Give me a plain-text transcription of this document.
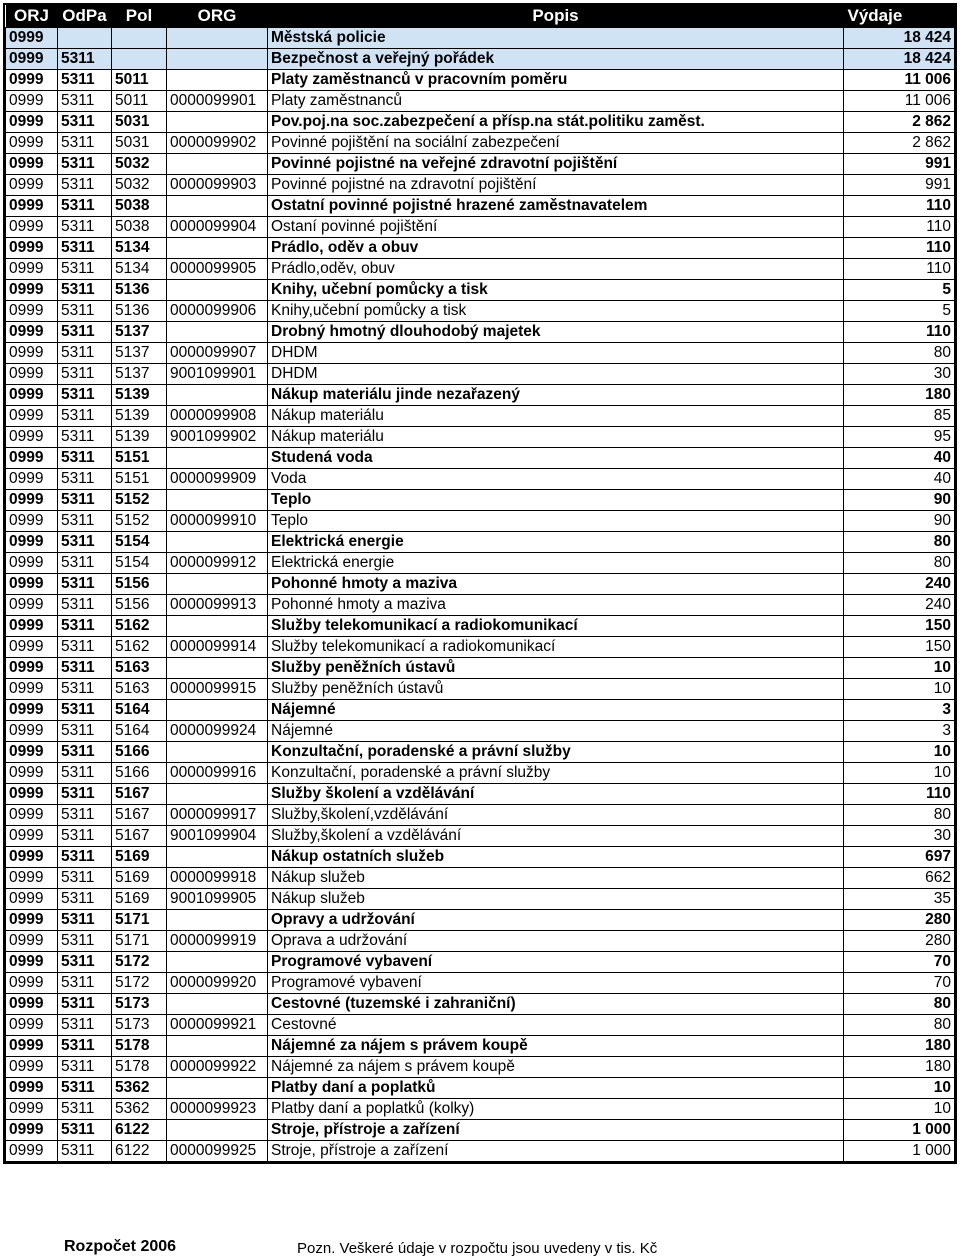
ORJ	OdPa	Pol	ORG	Popis	Výdaje
0999				Městská policie	18 424
0999	5311			Bezpečnost a veřejný pořádek	18 424
0999	5311	5011		Platy zaměstnanců v pracovním poměru	11 006
0999	5311	5011	0000099901	Platy zaměstnanců	11 006
0999	5311	5031		Pov.poj.na soc.zabezpečení a přísp.na stát.politiku zaměst.	2 862
0999	5311	5031	0000099902	Povinné pojištění na sociální zabezpečení	2 862
0999	5311	5032		Povinné pojistné na veřejné zdravotní pojištění	991
0999	5311	5032	0000099903	Povinné pojistné na zdravotní pojištění	991
0999	5311	5038		Ostatní povinné pojistné hrazené zaměstnavatelem	110
0999	5311	5038	0000099904	Ostaní povinné pojištění	110
0999	5311	5134		Prádlo, oděv a obuv	110
0999	5311	5134	0000099905	Prádlo,oděv, obuv	110
0999	5311	5136		Knihy, učební pomůcky a tisk	5
0999	5311	5136	0000099906	Knihy,učební pomůcky a tisk	5
0999	5311	5137		Drobný hmotný dlouhodobý majetek	110
0999	5311	5137	0000099907	DHDM	80
0999	5311	5137	9001099901	DHDM	30
0999	5311	5139		Nákup materiálu jinde nezařazený	180
0999	5311	5139	0000099908	Nákup materiálu	85
0999	5311	5139	9001099902	Nákup materiálu	95
0999	5311	5151		Studená voda	40
0999	5311	5151	0000099909	Voda	40
0999	5311	5152		Teplo	90
0999	5311	5152	0000099910	Teplo	90
0999	5311	5154		Elektrická energie	80
0999	5311	5154	0000099912	Elektrická energie	80
0999	5311	5156		Pohonné hmoty a maziva	240
0999	5311	5156	0000099913	Pohonné hmoty a maziva	240
0999	5311	5162		Služby telekomunikací a radiokomunikací	150
0999	5311	5162	0000099914	Služby telekomunikací a radiokomunikací	150
0999	5311	5163		Služby peněžních ústavů	10
0999	5311	5163	0000099915	Služby peněžních ústavů	10
0999	5311	5164		Nájemné	3
0999	5311	5164	0000099924	Nájemné	3
0999	5311	5166		Konzultační, poradenské a právní služby	10
0999	5311	5166	0000099916	Konzultační, poradenské a právní služby	10
0999	5311	5167		Služby školení a vzdělávání	110
0999	5311	5167	0000099917	Služby,školení,vzdělávání	80
0999	5311	5167	9001099904	Služby,školení a vzdělávání	30
0999	5311	5169		Nákup ostatních služeb	697
0999	5311	5169	0000099918	Nákup služeb	662
0999	5311	5169	9001099905	Nákup služeb	35
0999	5311	5171		Opravy a udržování	280
0999	5311	5171	0000099919	Oprava a udržování	280
0999	5311	5172		Programové vybavení	70
0999	5311	5172	0000099920	Programové vybavení	70
0999	5311	5173		Cestovné (tuzemské i zahraniční)	80
0999	5311	5173	0000099921	Cestovné	80
0999	5311	5178		Nájemné za nájem s právem koupě	180
0999	5311	5178	0000099922	Nájemné za nájem s právem koupě	180
0999	5311	5362		Platby daní a poplatků	10
0999	5311	5362	0000099923	Platby daní a poplatků (kolky)	10
0999	5311	6122		Stroje, přístroje a zařízení	1 000
0999	5311	6122	0000099925	Stroje, přístroje a zařízení	1 000
Rozpočet 2006	Pozn. Veškeré údaje v rozpočtu jsou uvedeny v tis. Kč
